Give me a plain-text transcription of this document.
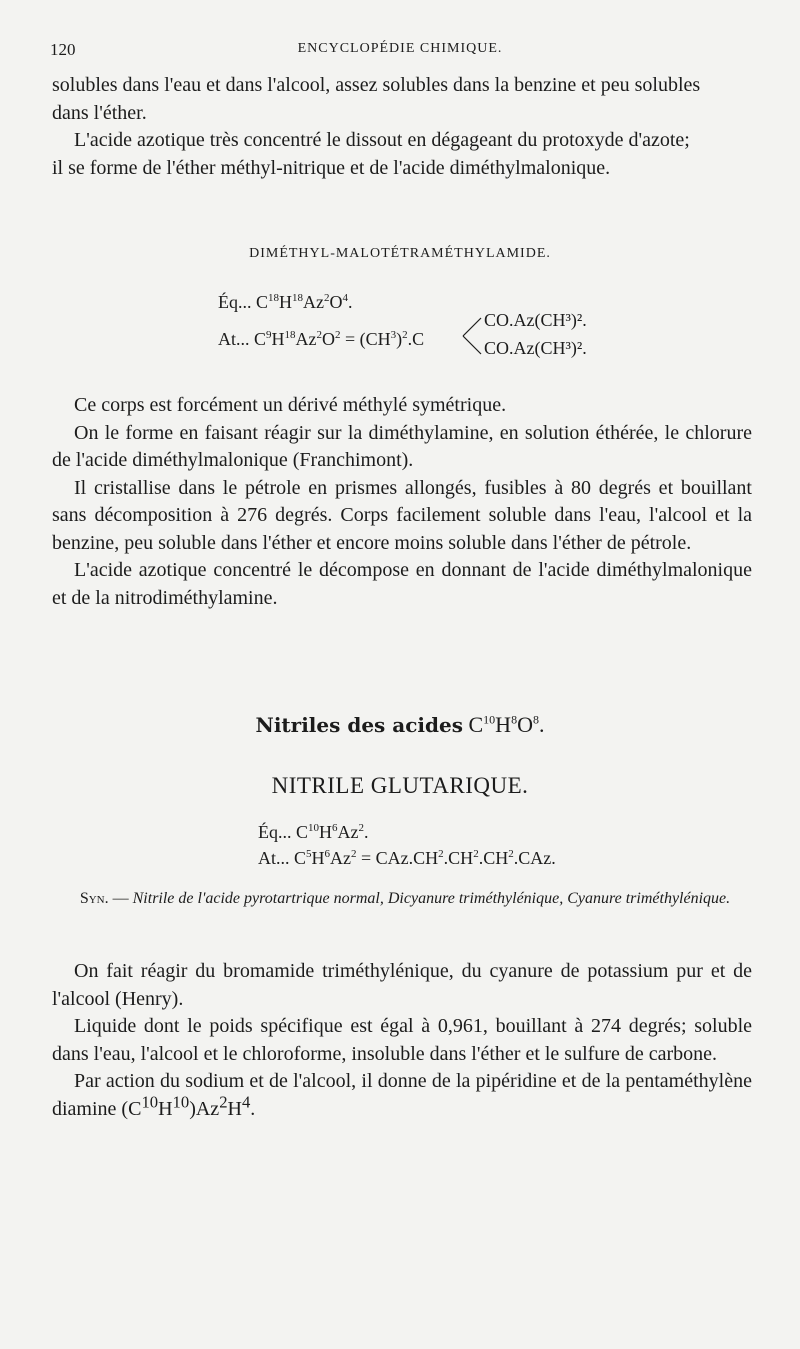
120	ENCYCLOPÉDIE CHIMIQUE.

solubles dans l'eau et dans l'alcool, assez solubles dans la benzine et peu solubles

dans l'éther.

L'acide azotique très concentré le dissout en dégageant du protoxyde d'azote;

il se forme de l'éther méthyl-nitrique et de l'acide diméthylmalonique.

DIMÉTHYL-MALOTÉTRAMÉTHYLAMIDE.
Éq... $C^{18}H^{18}Az^2O^4$.
At... $C^9H^{18}Az^2O^2 = (CH^3)^2.C$
CO.Az(CH³)².
CO.Az(CH³)².

Ce corps est forcément un dérivé méthylé symétrique.

On le forme en faisant réagir sur la diméthylamine, en solution éthérée, le chlorure de l'acide diméthylmalonique (Franchimont).

Il cristallise dans le pétrole en prismes allongés, fusibles à 80 degrés et bouillant sans décomposition à 276 degrés. Corps facilement soluble dans l'eau, l'alcool et la benzine, peu soluble dans l'éther et encore moins soluble dans l'éther de pétrole.

L'acide azotique concentré le décompose en donnant de l'acide diméthylmalonique et de la nitrodiméthylamine.

Nitriles des acides $C^{10}H^8O^8$.
NITRILE GLUTARIQUE.
Éq... $C^{10}H^6Az^2$.
At... $C^5H^6Az^2 = CAz.CH^2.CH^2.CH^2.CAz$.
Syn. — Nitrile de l'acide pyrotartrique normal, Dicyanure triméthylénique, Cyanure triméthylénique.

On fait réagir du bromamide triméthylénique, du cyanure de potassium pur et de l'alcool (Henry).

Liquide dont le poids spécifique est égal à 0,961, bouillant à 274 degrés; soluble dans l'eau, l'alcool et le chloroforme, insoluble dans l'éther et le sulfure de carbone.

Par action du sodium et de l'alcool, il donne de la pipéridine et de la pentaméthylène diamine $(C^{10}H^{10})Az^2H^4$.
